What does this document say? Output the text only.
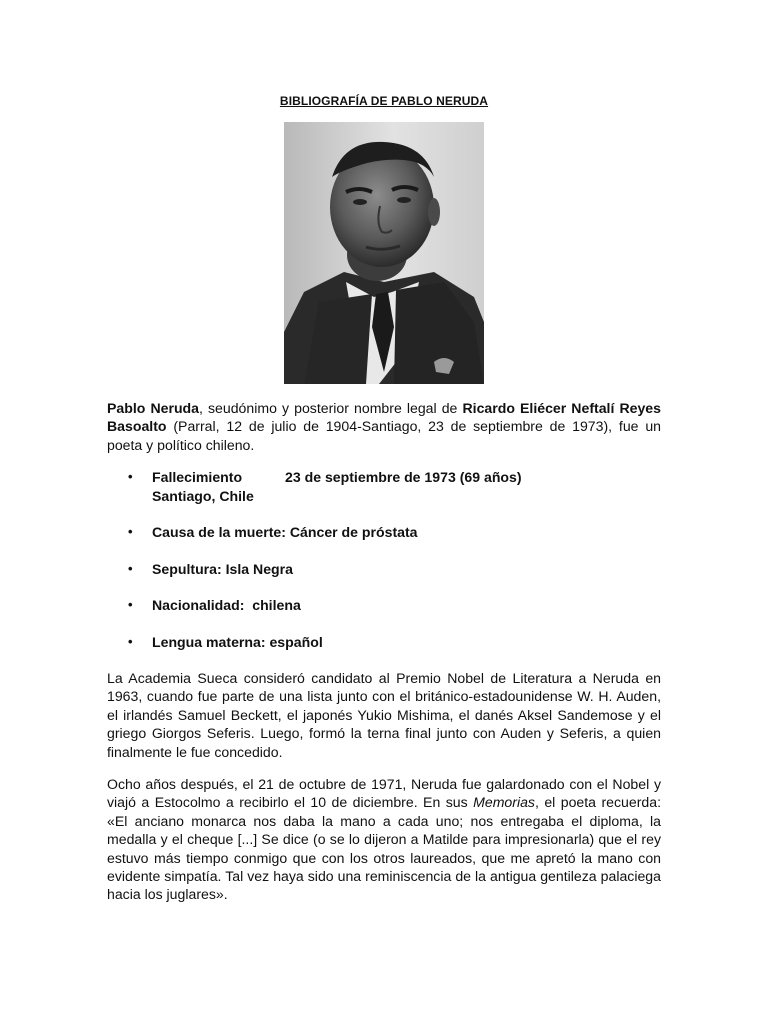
BIBLIOGRAFÍA DE PABLO NERUDA
Pablo Neruda, seudónimo y posterior nombre legal de Ricardo Eliécer Neftalí Reyes Basoalto (Parral, 12 de julio de 1904-Santiago, 23 de septiembre de 1973), fue un poeta y político chileno.
• Fallecimiento	23 de septiembre de 1973 (69 años)
Santiago, Chile
• Causa de la muerte: Cáncer de próstata
• Sepultura: Isla Negra
• Nacionalidad:  chilena
• Lengua materna: español
La Academia Sueca consideró candidato al Premio Nobel de Literatura a Neruda en 1963, cuando fue parte de una lista junto con el británico-estadounidense W. H. Auden, el irlandés Samuel Beckett, el japonés Yukio Mishima, el danés Aksel Sandemose y el griego Giorgos Seferis. Luego, formó la terna final junto con Auden y Seferis, a quien finalmente le fue concedido.
Ocho años después, el 21 de octubre de 1971, Neruda fue galardonado con el Nobel y viajó a Estocolmo a recibirlo el 10 de diciembre. En sus Memorias, el poeta recuerda: «El anciano monarca nos daba la mano a cada uno; nos entregaba el diploma, la medalla y el cheque [...] Se dice (o se lo dijeron a Matilde para impresionarla) que el rey estuvo más tiempo conmigo que con los otros laureados, que me apretó la mano con evidente simpatía. Tal vez haya sido una reminiscencia de la antigua gentileza palaciega hacia los juglares».
